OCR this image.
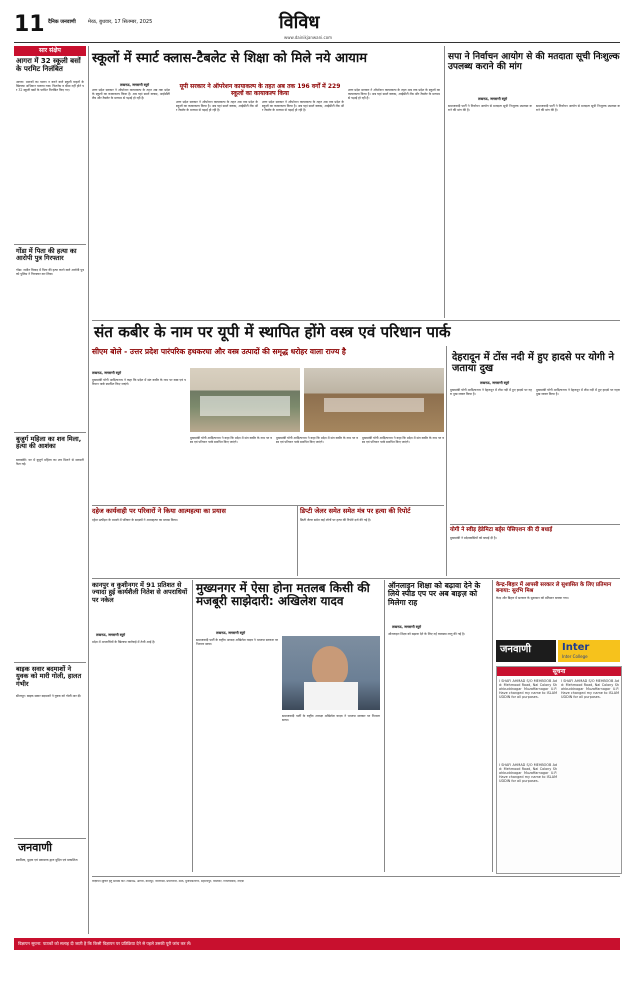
11 दैनिक जनवाणी मेरठ, बुधवार, 17 सितम्बर, 2025	विविध
www.dainikjanwani.com
सार संक्षेप
आगरा में 32 स्कूली बसों के परमिट निलंबित
आगरा: मानकों का पालन न करने वाले स्कूली वाहनों के खिलाफ अभियान चलाया गया। फिटनेस व बीमा नहीं होने पर 32 स्कूली बसों के परमिट निलंबित किए गए।
गोंडा में पिता की हत्या का आरोपी पुत्र गिरफ्तार
गोंडा: जमीन विवाद में पिता की हत्या करने वाले आरोपी पुत्र को पुलिस ने गिरफ्तार कर लिया।
बुजुर्ग महिला का शव मिला, हत्या की आशंका
बाराबंकी: घर में बुजुर्ग महिला का शव मिलने से सनसनी फैल गई।
बाइक सवार बदमाशों ने युवक को मारी गोली, हालत गंभीर
सीतापुर: बाइक सवार बदमाशों ने युवक को गोली मार दी।
जनवाणी
स्वामित्व, मुद्रक एवं प्रकाशक द्वारा मुद्रित एवं प्रकाशित।
स्कूलों में स्मार्ट क्लास-टैबलेट से शिक्षा को मिले नये आयाम
लखनऊ, जनवाणी ब्यूरो
उत्तर प्रदेश सरकार ने ऑपरेशन कायाकल्प के तहत अब तक प्रदेश के स्कूलों का कायाकल्प किया है। अब यहां स्मार्ट क्लास, आईसीटी लैब और टैबलेट के माध्यम से पढ़ाई हो रही है।
यूपी सरकार ने ऑपरेशन कायाकल्प के तहत अब तक 196 वर्गों में 229 स्कूलों का कायाकल्प किया
उत्तर प्रदेश सरकार ने ऑपरेशन कायाकल्प के तहत अब तक प्रदेश के स्कूलों का कायाकल्प किया है। अब यहां स्मार्ट क्लास, आईसीटी लैब और टैबलेट के माध्यम से पढ़ाई हो रही है।
उत्तर प्रदेश सरकार ने ऑपरेशन कायाकल्प के तहत अब तक प्रदेश के स्कूलों का कायाकल्प किया है। अब यहां स्मार्ट क्लास, आईसीटी लैब और टैबलेट के माध्यम से पढ़ाई हो रही है।
उत्तर प्रदेश सरकार ने ऑपरेशन कायाकल्प के तहत अब तक प्रदेश के स्कूलों का कायाकल्प किया है। अब यहां स्मार्ट क्लास, आईसीटी लैब और टैबलेट के माध्यम से पढ़ाई हो रही है।
सपा ने निर्वाचन आयोग से की मतदाता सूची निःशुल्क उपलब्ध कराने की मांग
लखनऊ, जनवाणी ब्यूरो
समाजवादी पार्टी ने निर्वाचन आयोग से मतदाता सूची निःशुल्क उपलब्ध कराने की मांग की है।
समाजवादी पार्टी ने निर्वाचन आयोग से मतदाता सूची निःशुल्क उपलब्ध कराने की मांग की है।
संत कबीर के नाम पर यूपी में स्थापित होंगे वस्त्र एवं परिधान पार्क
सीएम बोले - उत्तर प्रदेश पारंपरिक हथकरघा और वस्त्र उत्पादों की समृद्ध धरोहर वाला राज्य है
लखनऊ, जनवाणी ब्यूरो
मुख्यमंत्री योगी आदित्यनाथ ने कहा कि प्रदेश में संत कबीर के नाम पर वस्त्र एवं परिधान पार्क स्थापित किए जाएंगे।
मुख्यमंत्री योगी आदित्यनाथ ने कहा कि प्रदेश में संत कबीर के नाम पर वस्त्र एवं परिधान पार्क स्थापित किए जाएंगे।
मुख्यमंत्री योगी आदित्यनाथ ने कहा कि प्रदेश में संत कबीर के नाम पर वस्त्र एवं परिधान पार्क स्थापित किए जाएंगे।
मुख्यमंत्री योगी आदित्यनाथ ने कहा कि प्रदेश में संत कबीर के नाम पर वस्त्र एवं परिधान पार्क स्थापित किए जाएंगे।
देहरादून में टोंस नदी में हुए हादसे पर योगी ने जताया दुख
लखनऊ, जनवाणी ब्यूरो
मुख्यमंत्री योगी आदित्यनाथ ने देहरादून में टोंस नदी में हुए हादसे पर गहरा दुख व्यक्त किया है।
मुख्यमंत्री योगी आदित्यनाथ ने देहरादून में टोंस नदी में हुए हादसे पर गहरा दुख व्यक्त किया है।
योगी ने स्वीड़ हेडेमिटा बर्ड्स पेसिएशन की दी बधाई
मुख्यमंत्री ने प्रदेशवासियों को बधाई दी है।
दहेज कार्यवाही पर परिवारों ने किया आत्महत्या का प्रयास
दहेज उत्पीड़न के मामले में परिवार के सदस्यों ने आत्महत्या का प्रयास किया।
डिप्टी जेलर समेत समेत मंत्र पर हत्या की रिपोर्ट
डिप्टी जेलर समेत कई लोगों पर हत्या की रिपोर्ट दर्ज की गई है।
कानपुर व कुशीनगर में 91 प्रतिशत से ज्यादा हुई कार्यशैली नितेश से अपराधियों पर नकेल
लखनऊ, जनवाणी ब्यूरो
प्रदेश में अपराधियों के खिलाफ कार्रवाई में तेजी आई है।
मुख्यनगर में ऐसा होना मतलब किसी की मजबूरी साझेदारी: अखिलेश यादव
लखनऊ, जनवाणी ब्यूरो
समाजवादी पार्टी के राष्ट्रीय अध्यक्ष अखिलेश यादव ने भाजपा सरकार पर निशाना साधा।
समाजवादी पार्टी के राष्ट्रीय अध्यक्ष अखिलेश यादव ने भाजपा सरकार पर निशाना साधा।
ऑनलाइन शिक्षा को बढ़ावा देने के लिये स्पीड एप पर अब बाइज़ को मिलेगा राह
लखनऊ, जनवाणी ब्यूरो
ऑनलाइन शिक्षा को बढ़ावा देने के लिए नई व्यवस्था लागू की गई है।
केन्द्र-बिहार में आपसी सरकार ले सुशासित के लिए प्रतिमान बनाया: सुरभि मिश्र
केन्द्र और बिहार में सरकार के सुशासन को प्रतिमान बताया गया।
जनवाणी	Inter
Inter College
सूचना
I SHAFI AHMAD S/O MEHBOOB Add: Mehmood Road, Nai Colony Shahbuddnagar Muzaffarnagar U.P. Have changed my name to ISLAMUDDIN for all purposes.
I SHAFI AHMAD S/O MEHBOOB Add: Mehmood Road, Nai Colony Shahbuddnagar Muzaffarnagar U.P. Have changed my name to ISLAMUDDIN for all purposes.
I SHAFI AHMAD S/O MEHBOOB Add: Mehmood Road, Nai Colony Shahbuddnagar Muzaffarnagar U.P. Have changed my name to ISLAMUDDIN for all purposes.
विज्ञापन सूचित हेतु सम्पर्क करें: लखनऊ, आगरा, कानपुर, वाराणसी, प्रयागराज, मेरठ, मुजफ्फरनगर, सहारनपुर, बिजनौर, गाजियाबाद, नोएडा
विज्ञापन सूचना: पाठकों को सलाह दी जाती है कि किसी विज्ञापन पर प्रतिक्रिया देने से पहले उसकी पूरी जांच कर लें।
